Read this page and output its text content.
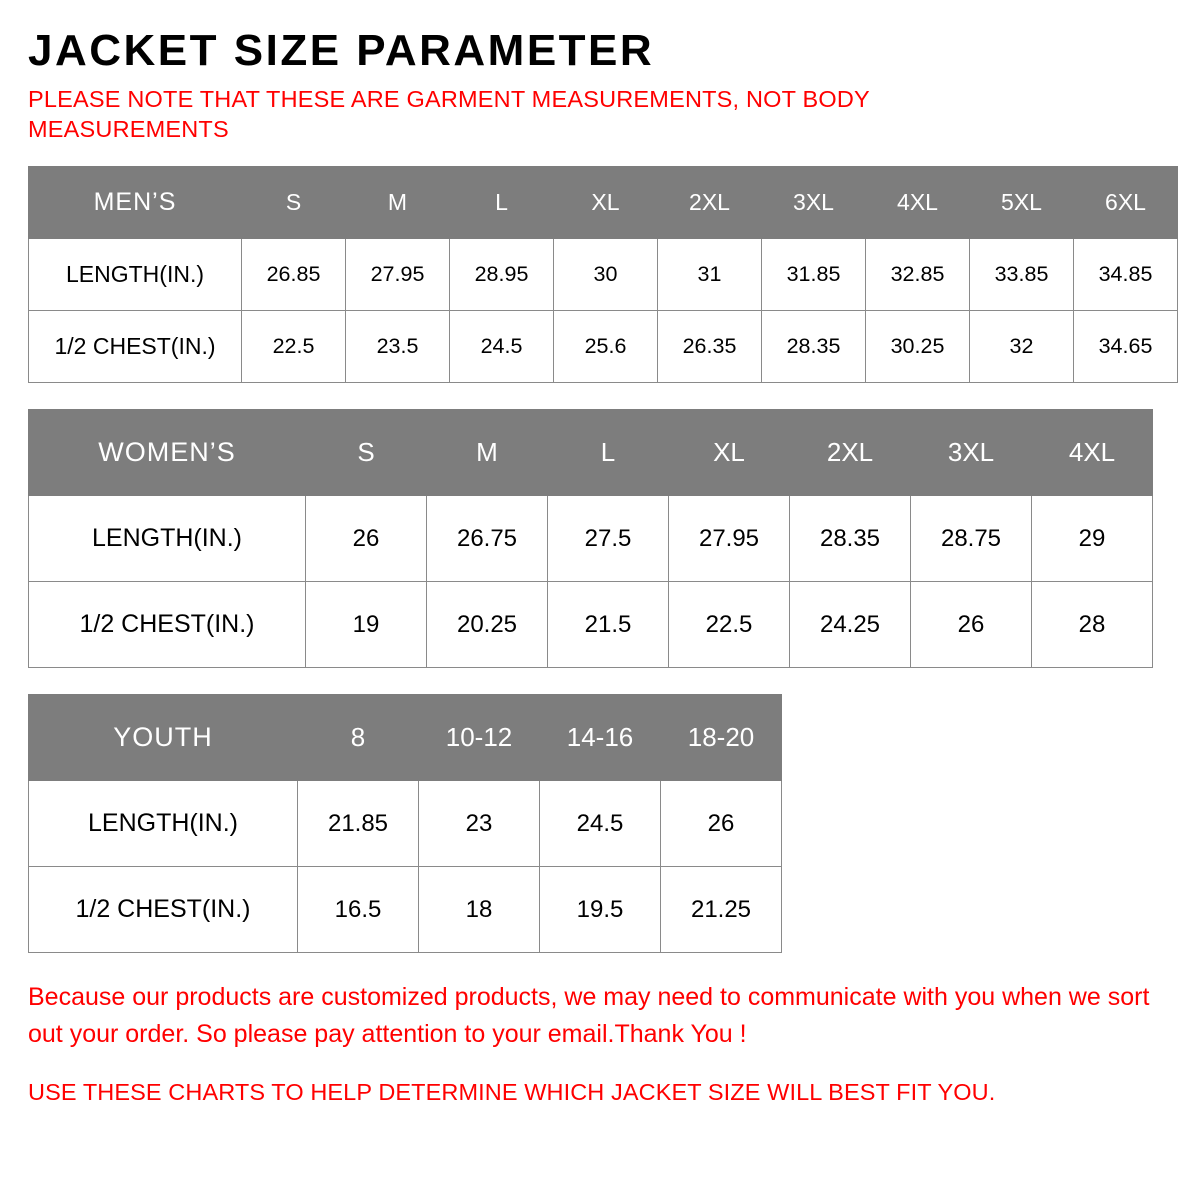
JACKET SIZE PARAMETER

PLEASE NOTE THAT THESE ARE GARMENT MEASUREMENTS, NOT BODY MEASUREMENTS

MEN’S	S	M	L	XL	2XL	3XL	4XL	5XL	6XL
LENGTH(IN.)	26.85	27.95	28.95	30	31	31.85	32.85	33.85	34.85
1/2 CHEST(IN.)	22.5	23.5	24.5	25.6	26.35	28.35	30.25	32	34.65
WOMEN’S	S	M	L	XL	2XL	3XL	4XL
LENGTH(IN.)	26	26.75	27.5	27.95	28.35	28.75	29
1/2 CHEST(IN.)	19	20.25	21.5	22.5	24.25	26	28
YOUTH	8	10-12	14-16	18-20
LENGTH(IN.)	21.85	23	24.5	26
1/2 CHEST(IN.)	16.5	18	19.5	21.25

Because our products are customized products, we may need to communicate with you when we sort out your order. So please pay attention to your email.Thank You !

USE THESE CHARTS TO HELP DETERMINE WHICH JACKET SIZE WILL BEST FIT YOU.
